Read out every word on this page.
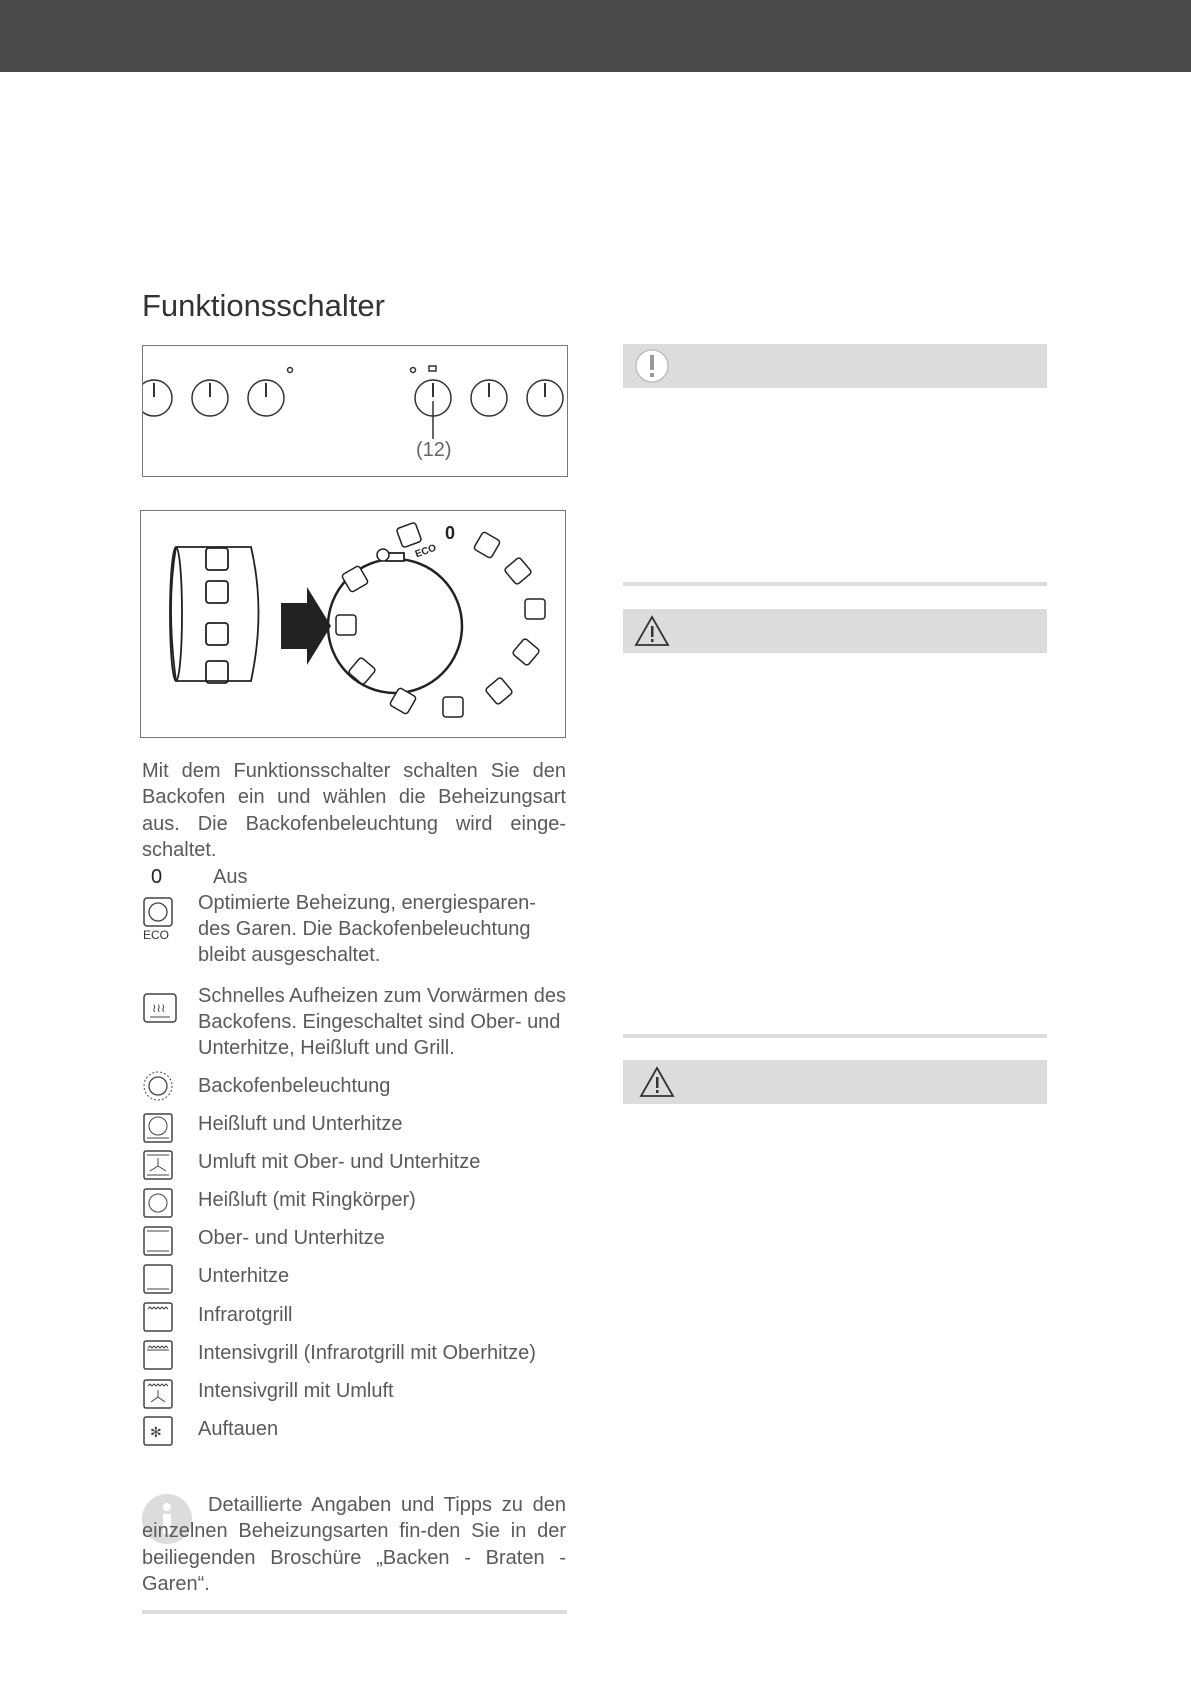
Funktionsschalter
(12)
0
ECO
Mit dem Funktionsschalter schalten Sie den Backofen ein und wählen die Beheizungsart aus. Die Backofenbeleuchtung wird einge-schaltet.
0	Aus
ECO
Optimierte Beheizung, energiesparen-des Garen. Die Backofenbeleuchtung bleibt ausgeschaltet.
≀≀≀
Schnelles Aufheizen zum Vorwärmen des Backofens. Eingeschaltet sind Ober- und Unterhitze, Heißluft und Grill.
Backofenbeleuchtung
Heißluft und Unterhitze
Umluft mit Ober- und Unterhitze
Heißluft (mit Ringkörper)
Ober- und Unterhitze
Unterhitze
Infrarotgrill
Intensivgrill (Infrarotgrill mit Oberhitze)
Intensivgrill mit Umluft
✻ Auftauen
Detaillierte Angaben und Tipps zu den einzelnen Beheizungsarten fin-den Sie in der beiliegenden Broschüre „Backen - Braten - Garen“.
